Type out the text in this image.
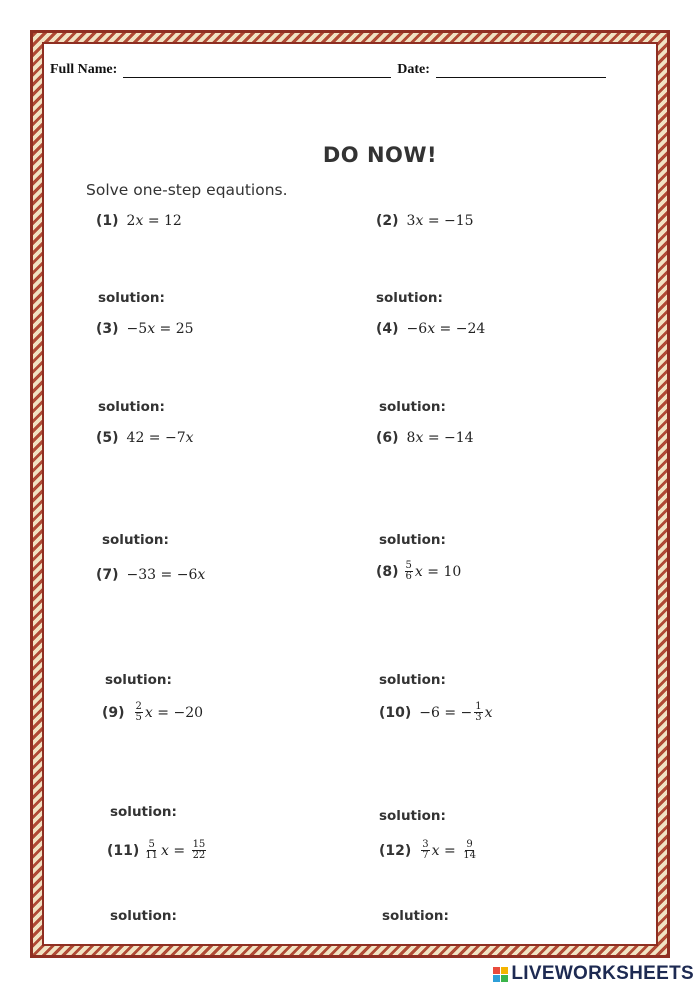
Full Name:	Date:
DO NOW!
Solve one-step eqautions.
(1) 2x = 12	(2) 3x = −15
solution:	solution:
(3) −5x = 25	(4) −6x = −24
solution:	solution:
(5) 42 = −7x	(6) 8x = −14
solution:	solution:
(7) −33 = −6x	$(8) \frac{5}{6}$ x = 10
solution:	solution:
$(9) \frac{2}{5}$ x = −20	(10) −6 = − $\frac{1}{3}$ x
solution:	solution:
$(11) \frac{5}{11}$ $x = \frac{15}{22}$	$(12) \frac{3}{7}$ $x = \frac{9}{14}$
solution:	solution:
LIVEWORKSHEETS
